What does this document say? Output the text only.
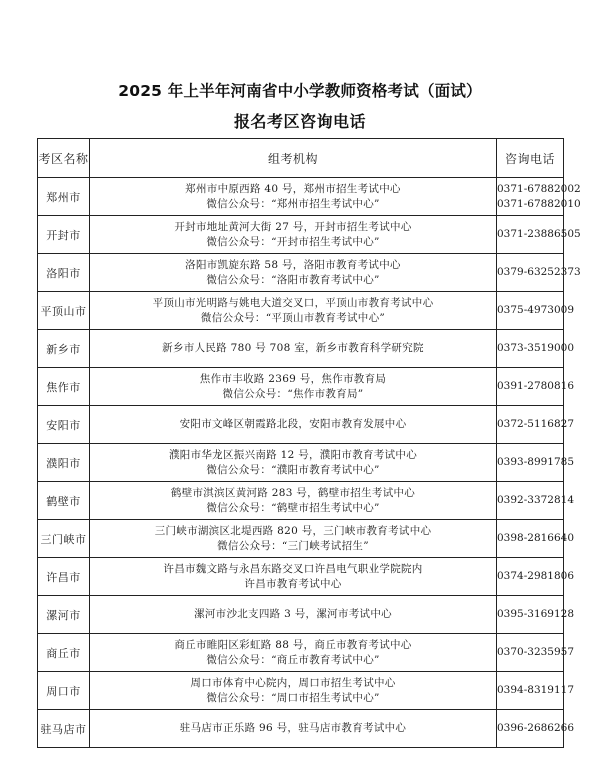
2025 年上半年河南省中小学教师资格考试（面试）
报名考区咨询电话
考区名称	组考机构	咨询电话
郑州市	郑州市中原西路 40 号，郑州市招生考试中心
微信公众号：“郑州市招生考试中心”	0371-67882002
0371-67882010

开封市	开封市地址黄河大街 27 号，开封市招生考试中心
微信公众号：“开封市招生考试中心”	0371-23886505

洛阳市	洛阳市凯旋东路 58 号，洛阳市教育考试中心
微信公众号：“洛阳市教育考试中心”	0379-63252373

平顶山市	平顶山市光明路与姚电大道交叉口，平顶山市教育考试中心
微信公众号：“平顶山市教育考试中心”	0375-4973009

新乡市	新乡市人民路 780 号 708 室，新乡市教育科学研究院	0373-3519000

焦作市	焦作市丰收路 2369 号，焦作市教育局
微信公众号：“焦作市教育局”	0391-2780816

安阳市	安阳市文峰区朝霞路北段，安阳市教育发展中心	0372-5116827

濮阳市	濮阳市华龙区振兴南路 12 号，濮阳市教育考试中心
微信公众号：“濮阳市教育考试中心”	0393-8991785

鹤壁市	鹤壁市淇滨区黄河路 283 号，鹤壁市招生考试中心
微信公众号：“鹤壁市招生考试中心”	0392-3372814

三门峡市	三门峡市湖滨区北堤西路 820 号，三门峡市教育考试中心
微信公众号：“三门峡考试招生”	0398-2816640

许昌市	许昌市魏文路与永昌东路交叉口许昌电气职业学院院内
许昌市教育考试中心	0374-2981806

漯河市	漯河市沙北支四路 3 号，漯河市考试中心	0395-3169128

商丘市	商丘市睢阳区彩虹路 88 号，商丘市教育考试中心
微信公众号：“商丘市教育考试中心”	0370-3235957

周口市	周口市体育中心院内，周口市招生考试中心
微信公众号：“周口市招生考试中心”	0394-8319117

驻马店市	驻马店市正乐路 96 号，驻马店市教育考试中心	0396-2686266
